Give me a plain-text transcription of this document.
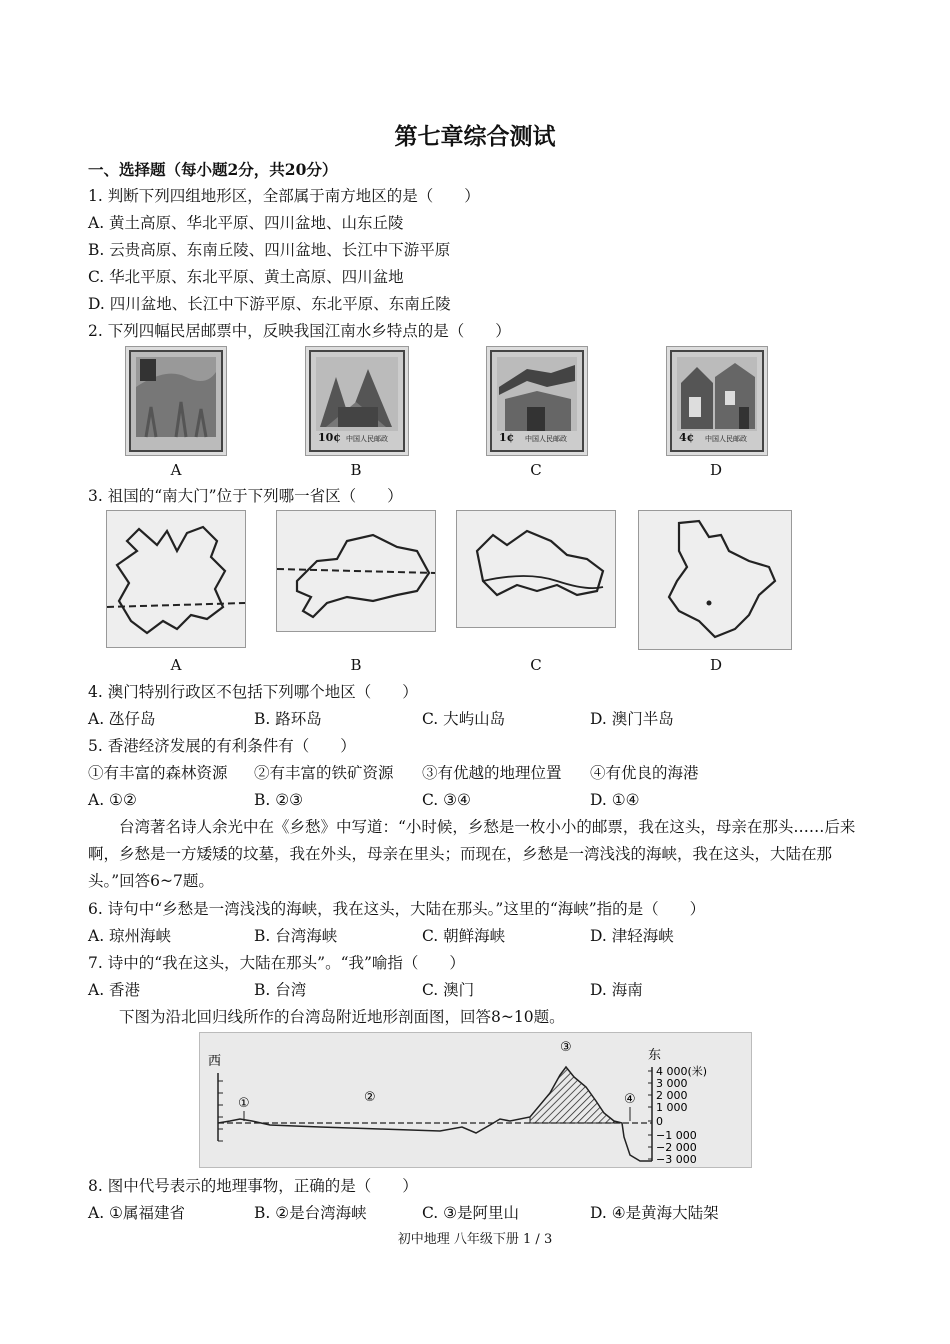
第七章综合测试
一、选择题（每小题2分，共20分）
1. 判断下列四组地形区，全部属于南方地区的是（　　）
A. 黄土高原、华北平原、四川盆地、山东丘陵
B. 云贵高原、东南丘陵、四川盆地、长江中下游平原
C. 华北平原、东北平原、黄土高原、四川盆地
D. 四川盆地、长江中下游平原、东北平原、东南丘陵
2. 下列四幅民居邮票中，反映我国江南水乡特点的是（　　）
10¢ 中国人民邮政	1¢ 中国人民邮政	4¢ 中国人民邮政
A	B	C	D
3. 祖国的“南大门”位于下列哪一省区（　　）
A	B	C	D
4. 澳门特别行政区不包括下列哪个地区（　　）
A. 氹仔岛	B. 路环岛	C. 大屿山岛	D. 澳门半岛
5. 香港经济发展的有利条件有（　　）
①有丰富的森林资源 ②有丰富的铁矿资源 ③有优越的地理位置 ④有优良的海港
A. ①②	B. ②③	C. ③④	D. ①④
台湾著名诗人余光中在《乡愁》中写道：“小时候，乡愁是一枚小小的邮票，我在这头，母亲在那头……后来啊，乡愁是一方矮矮的坟墓，我在外头，母亲在里头；而现在，乡愁是一湾浅浅的海峡，我在这头，大陆在那头。”回答6~7题。
6. 诗句中“乡愁是一湾浅浅的海峡，我在这头，大陆在那头。”这里的“海峡”指的是（　　）
A. 琼州海峡	B. 台湾海峡	C. 朝鲜海峡	D. 津轻海峡
7. 诗中的“我在这头，大陆在那头”。“我”喻指（　　）
A. 香港	B. 台湾	C. 澳门	D. 海南
下图为沿北回归线所作的台湾岛附近地形剖面图，回答8~10题。
西	东
4 000(米)
3 000
2 000
1 000
0
−1 000
−2 000
−3 000
①	②
③
④
8. 图中代号表示的地理事物，正确的是（　　）
A. ①属福建省	B. ②是台湾海峡	C. ③是阿里山	D. ④是黄海大陆架
初中地理 八年级下册 1 / 3
